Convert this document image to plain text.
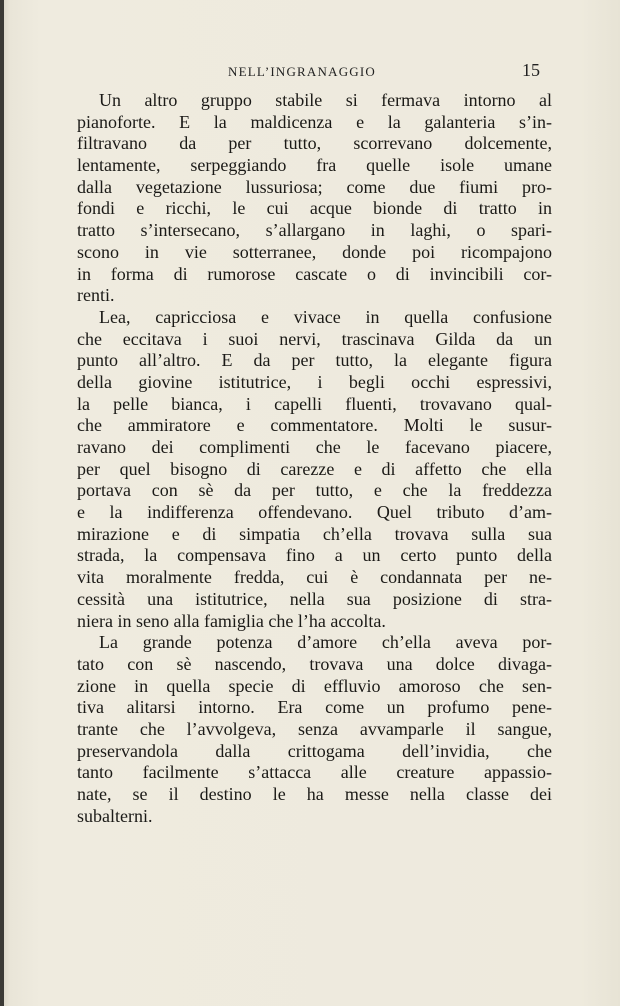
NELL’INGRANAGGIO	15
Un altro gruppo stabile si fermava intorno al
pianoforte. E la maldicenza e la galanteria s’in-
filtravano da per tutto, scorrevano dolcemente,
lentamente, serpeggiando fra quelle isole umane
dalla vegetazione lussuriosa; come due fiumi pro-
fondi e ricchi, le cui acque bionde di tratto in
tratto s’intersecano, s’allargano in laghi, o spari-
scono in vie sotterranee, donde poi ricompajono
in forma di rumorose cascate o di invincibili cor-
renti.
Lea, capricciosa e vivace in quella confusione
che eccitava i suoi nervi, trascinava Gilda da un
punto all’altro. E da per tutto, la elegante figura
della giovine istitutrice, i begli occhi espressivi,
la pelle bianca, i capelli fluenti, trovavano qual-
che ammiratore e commentatore. Molti le susur-
ravano dei complimenti che le facevano piacere,
per quel bisogno di carezze e di affetto che ella
portava con sè da per tutto, e che la freddezza
e la indifferenza offendevano. Quel tributo d’am-
mirazione e di simpatia ch’ella trovava sulla sua
strada, la compensava fino a un certo punto della
vita moralmente fredda, cui è condannata per ne-
cessità una istitutrice, nella sua posizione di stra-
niera in seno alla famiglia che l’ha accolta.
La grande potenza d’amore ch’ella aveva por-
tato con sè nascendo, trovava una dolce divaga-
zione in quella specie di effluvio amoroso che sen-
tiva alitarsi intorno. Era come un profumo pene-
trante che l’avvolgeva, senza avvamparle il sangue,
preservandola dalla crittogama dell’invidia, che
tanto facilmente s’attacca alle creature appassio-
nate, se il destino le ha messe nella classe dei
subalterni.
